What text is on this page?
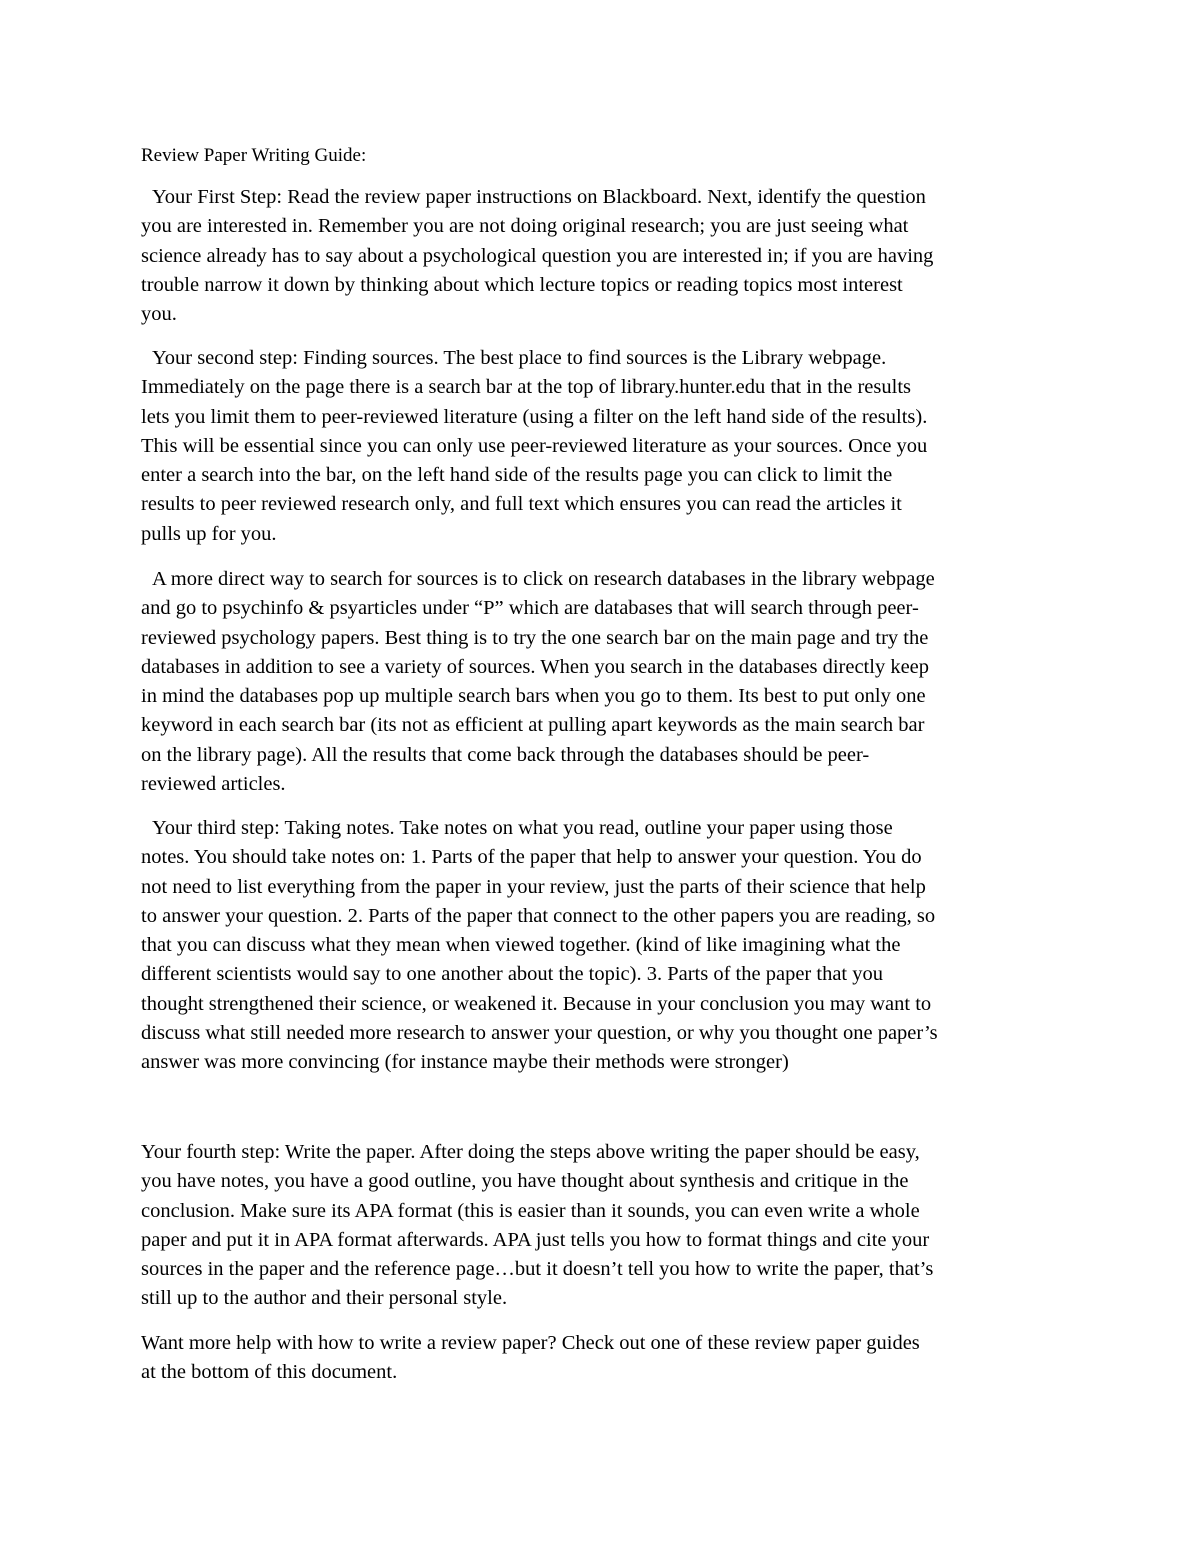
Review Paper Writing Guide:

Your First Step: Read the review paper instructions on Blackboard. Next, identify the question
you are interested in. Remember you are not doing original research; you are just seeing what
science already has to say about a psychological question you are interested in; if you are having
trouble narrow it down by thinking about which lecture topics or reading topics most interest
you.

Your second step: Finding sources. The best place to find sources is the Library webpage.
Immediately on the page there is a search bar at the top of library.hunter.edu that in the results
lets you limit them to peer-reviewed literature (using a filter on the left hand side of the results).
This will be essential since you can only use peer-reviewed literature as your sources. Once you
enter a search into the bar, on the left hand side of the results page you can click to limit the
results to peer reviewed research only, and full text which ensures you can read the articles it
pulls up for you.

A more direct way to search for sources is to click on research databases in the library webpage
and go to psychinfo & psyarticles under “P” which are databases that will search through peer-
reviewed psychology papers. Best thing is to try the one search bar on the main page and try the
databases in addition to see a variety of sources. When you search in the databases directly keep
in mind the databases pop up multiple search bars when you go to them. Its best to put only one
keyword in each search bar (its not as efficient at pulling apart keywords as the main search bar
on the library page). All the results that come back through the databases should be peer-
reviewed articles.

Your third step: Taking notes. Take notes on what you read, outline your paper using those
notes. You should take notes on: 1. Parts of the paper that help to answer your question. You do
not need to list everything from the paper in your review, just the parts of their science that help
to answer your question. 2. Parts of the paper that connect to the other papers you are reading, so
that you can discuss what they mean when viewed together. (kind of like imagining what the
different scientists would say to one another about the topic). 3. Parts of the paper that you
thought strengthened their science, or weakened it. Because in your conclusion you may want to
discuss what still needed more research to answer your question, or why you thought one paper’s
answer was more convincing (for instance maybe their methods were stronger)

Your fourth step: Write the paper. After doing the steps above writing the paper should be easy,
you have notes, you have a good outline, you have thought about synthesis and critique in the
conclusion. Make sure its APA format (this is easier than it sounds, you can even write a whole
paper and put it in APA format afterwards. APA just tells you how to format things and cite your
sources in the paper and the reference page…but it doesn’t tell you how to write the paper, that’s
still up to the author and their personal style.

Want more help with how to write a review paper? Check out one of these review paper guides
at the bottom of this document.
